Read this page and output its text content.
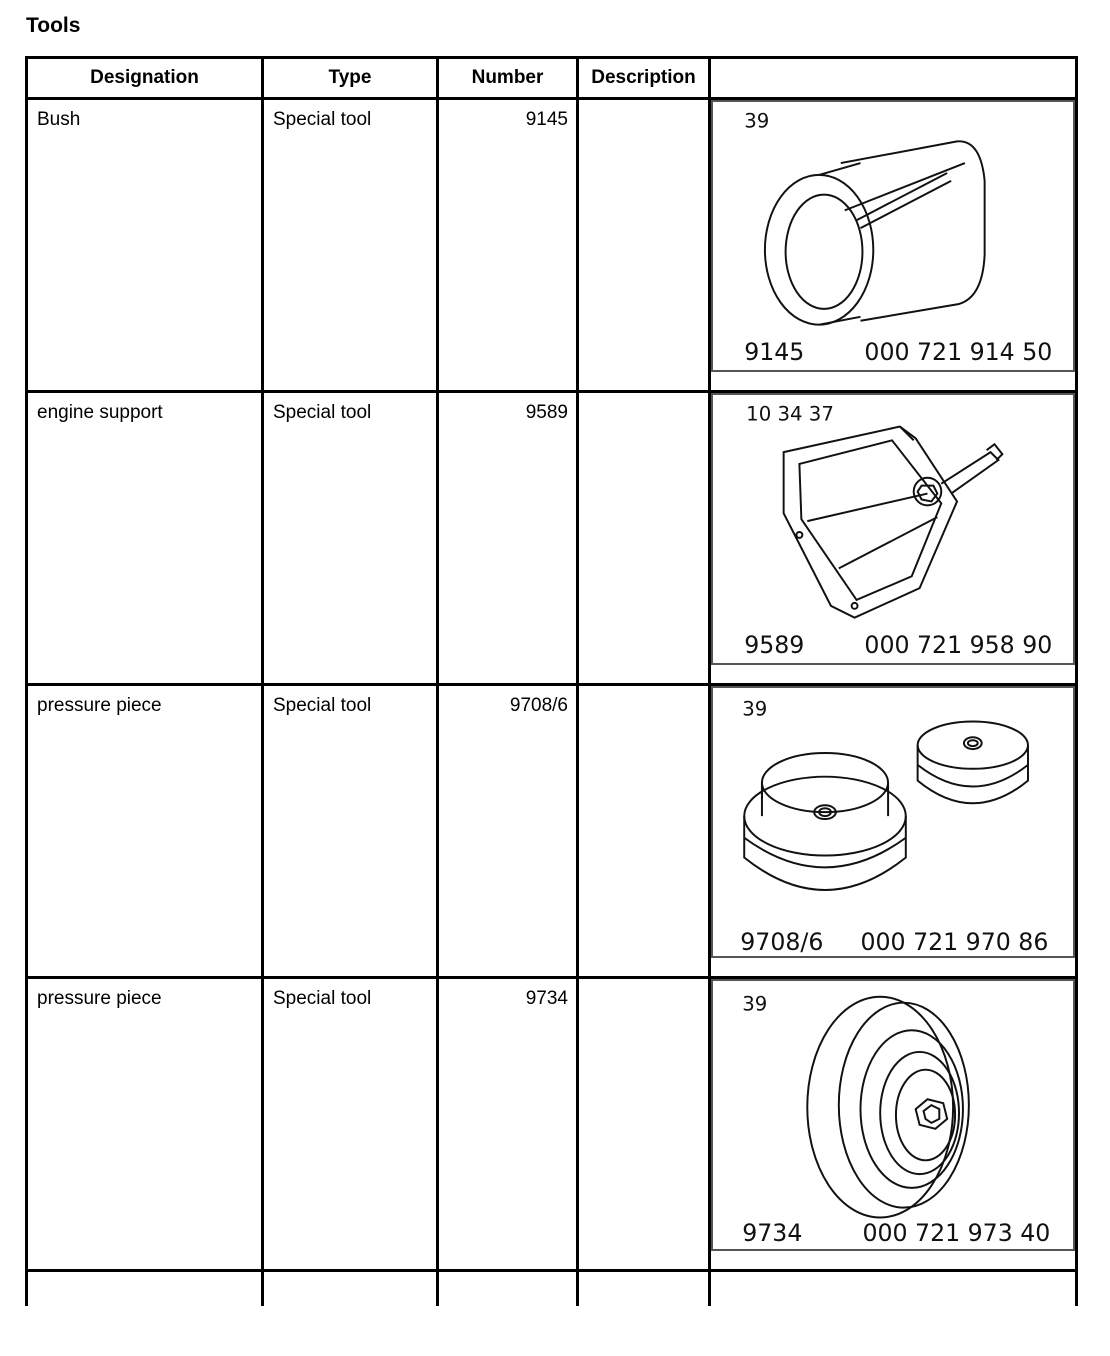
Tools
Designation	Type	Number	Description	

Bush	Special tool	9145		39
9145 000 721 914 50

engine support	Special tool	9589		10 34 37
9589 000 721 958 90

pressure piece	Special tool	9708/6		39
9708/6 000 721 970 86

pressure piece	Special tool	9734		39
9734 000 721 973 40
